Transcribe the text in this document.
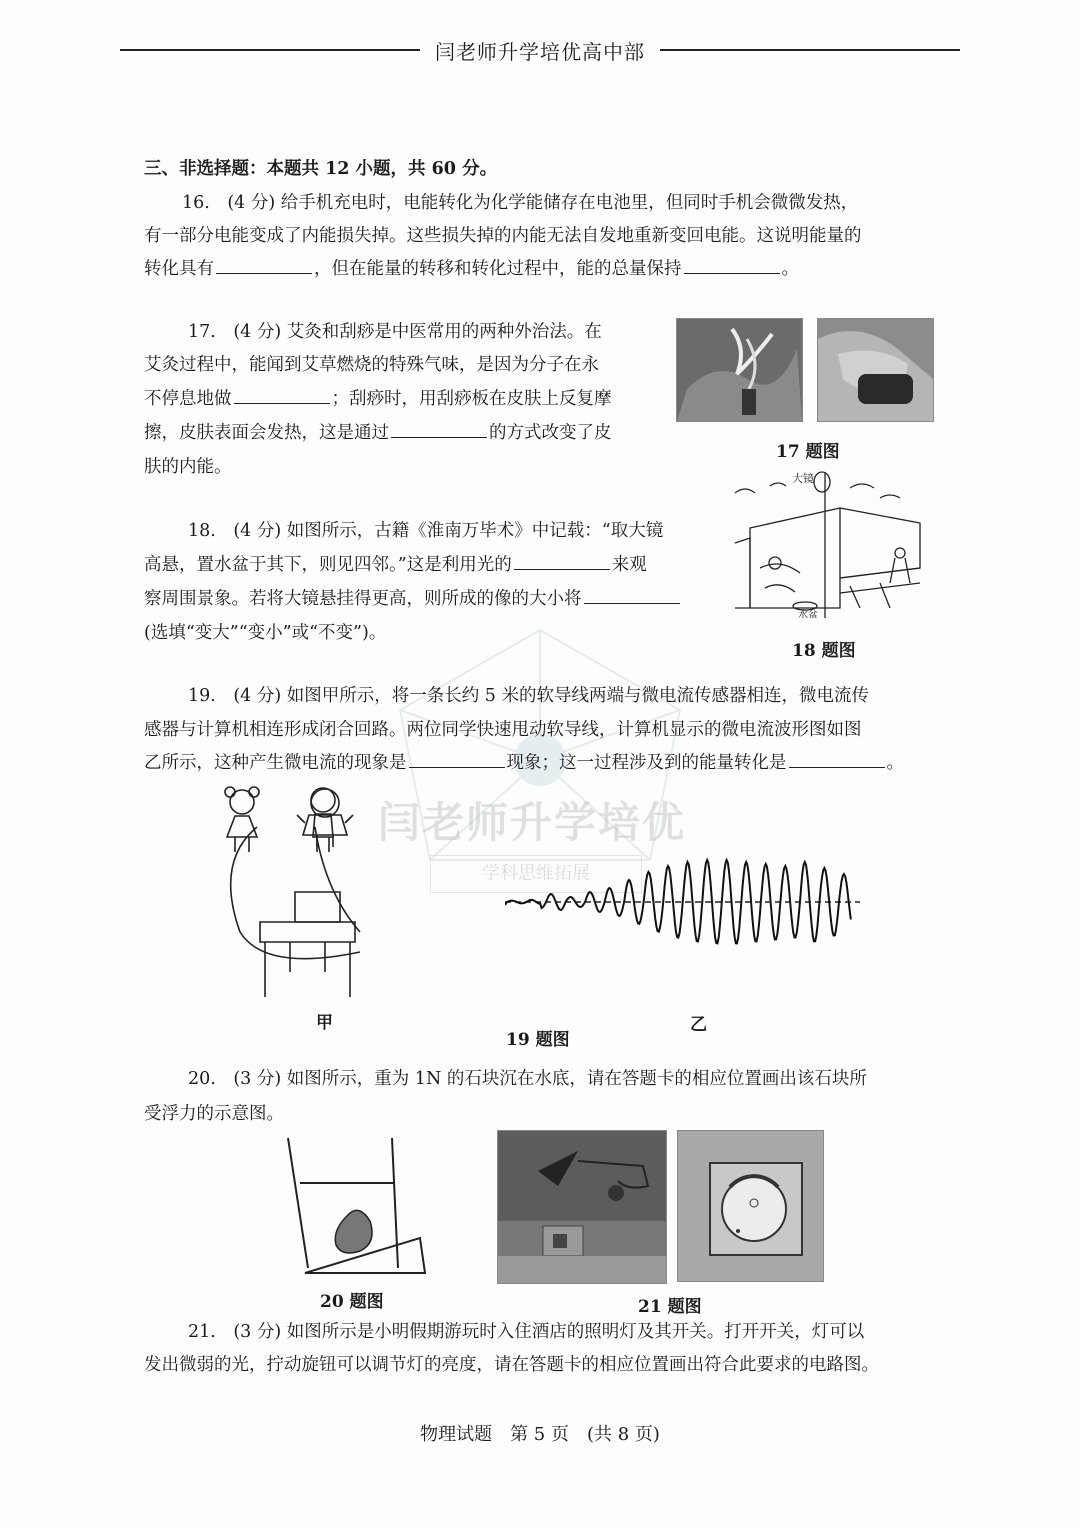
闫老师升学培优高中部
闫老师升学培优
学科思维拓展
三、非选择题：本题共 12 小题，共 60 分。
16.　(4 分) 给手机充电时，电能转化为化学能储存在电池里，但同时手机会微微发热，
有一部分电能变成了内能损失掉。这些损失掉的内能无法自发地重新变回电能。这说明能量的
转化具有	，但在能量的转移和转化过程中，能的总量保持	。
17.　(4 分) 艾灸和刮痧是中医常用的两种外治法。在
艾灸过程中，能闻到艾草燃烧的特殊气味，是因为分子在永
不停息地做	；刮痧时，用刮痧板在皮肤上反复摩
擦，皮肤表面会发热，这是通过	的方式改变了皮
肤的内能。
17 题图
18.　(4 分) 如图所示，古籍《淮南万毕术》中记载：“取大镜
高悬，置水盆于其下，则见四邻。”这是利用光的	来观
察周围景象。若将大镜悬挂得更高，则所成的像的大小将
(选填“变大”“变小”或“不变”)。
大镜
水盆
18 题图
19.　(4 分) 如图甲所示，将一条长约 5 米的软导线两端与微电流传感器相连，微电流传
感器与计算机相连形成闭合回路。两位同学快速甩动软导线，计算机显示的微电流波形图如图
乙所示，这种产生微电流的现象是	现象；这一过程涉及到的能量转化是	。
甲	乙
19 题图
20.　(3 分) 如图所示，重为 1N 的石块沉在水底，请在答题卡的相应位置画出该石块所
受浮力的示意图。
20 题图	21 题图
21.　(3 分) 如图所示是小明假期游玩时入住酒店的照明灯及其开关。打开开关，灯可以
发出微弱的光，拧动旋钮可以调节灯的亮度，请在答题卡的相应位置画出符合此要求的电路图。
物理试题　第 5 页　(共 8 页)
